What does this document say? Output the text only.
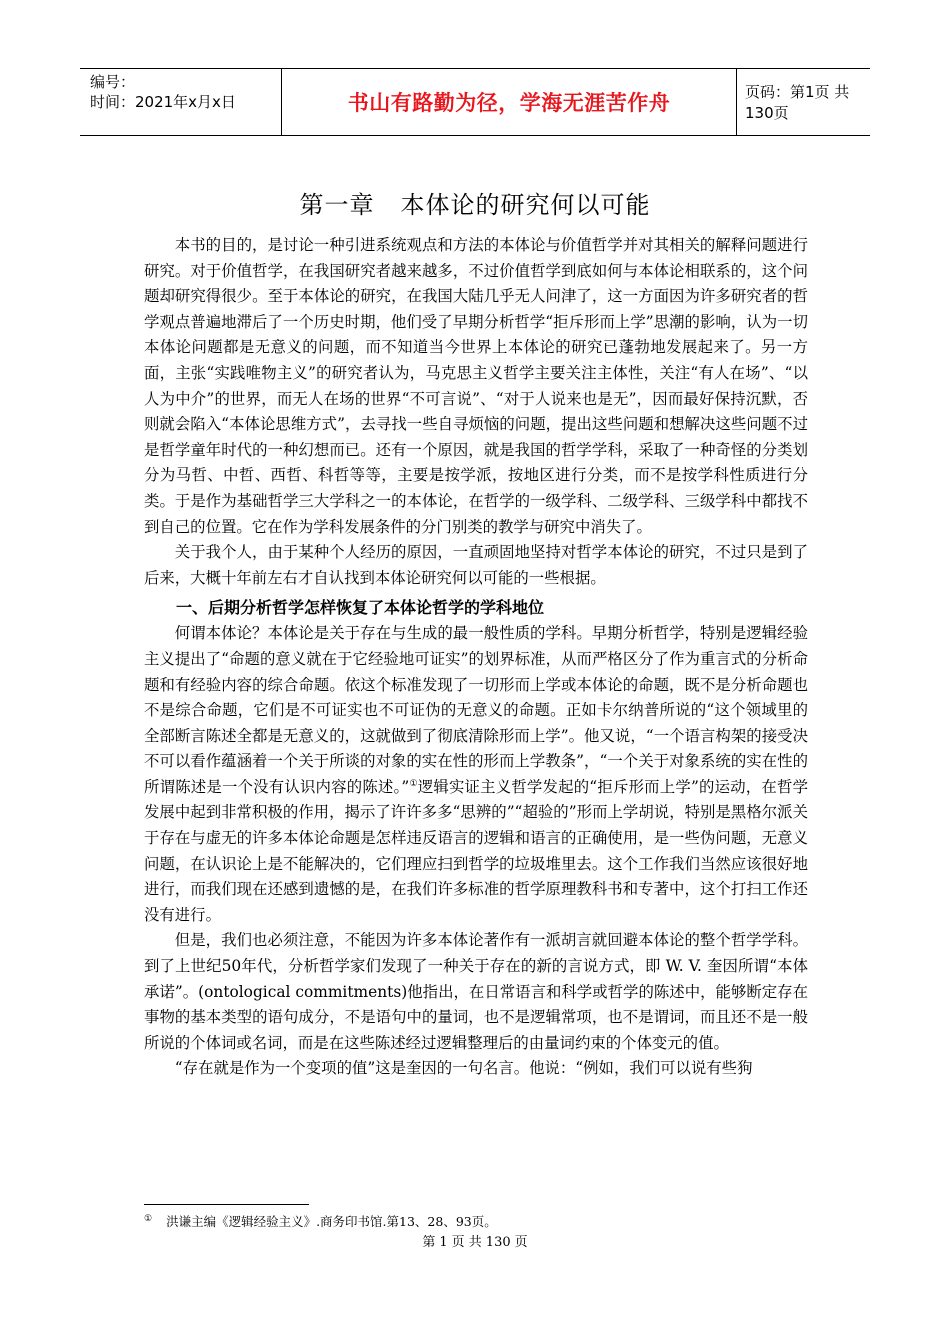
编号：
时间：2021年x月x日	书山有路勤为径，学海无涯苦作舟	页码：第1页 共130页
第一章 本体论的研究何以可能

本书的目的，是讨论一种引进系统观点和方法的本体论与价值哲学并对其相关的解释问题进行研究。对于价值哲学，在我国研究者越来越多，不过价值哲学到底如何与本体论相联系的，这个问题却研究得很少。至于本体论的研究，在我国大陆几乎无人问津了，这一方面因为许多研究者的哲学观点普遍地滞后了一个历史时期，他们受了早期分析哲学“拒斥形而上学”思潮的影响，认为一切本体论问题都是无意义的问题，而不知道当今世界上本体论的研究已蓬勃地发展起来了。另一方面，主张“实践唯物主义”的研究者认为，马克思主义哲学主要关注主体性，关注“有人在场”、“以人为中介”的世界，而无人在场的世界“不可言说”、“对于人说来也是无”，因而最好保持沉默，否则就会陷入“本体论思维方式”，去寻找一些自寻烦恼的问题，提出这些问题和想解决这些问题不过是哲学童年时代的一种幻想而已。还有一个原因，就是我国的哲学学科，采取了一种奇怪的分类划分为马哲、中哲、西哲、科哲等等，主要是按学派，按地区进行分类，而不是按学科性质进行分类。于是作为基础哲学三大学科之一的本体论，在哲学的一级学科、二级学科、三级学科中都找不到自己的位置。它在作为学科发展条件的分门别类的教学与研究中消失了。

关于我个人，由于某种个人经历的原因，一直顽固地坚持对哲学本体论的研究，不过只是到了后来，大概十年前左右才自认找到本体论研究何以可能的一些根据。

一、后期分析哲学怎样恢复了本体论哲学的学科地位

何谓本体论？本体论是关于存在与生成的最一般性质的学科。早期分析哲学，特别是逻辑经验主义提出了“命题的意义就在于它经验地可证实”的划界标准，从而严格区分了作为重言式的分析命题和有经验内容的综合命题。依这个标准发现了一切形而上学或本体论的命题，既不是分析命题也不是综合命题，它们是不可证实也不可证伪的无意义的命题。正如卡尔纳普所说的“这个领域里的全部断言陈述全都是无意义的，这就做到了彻底清除形而上学”。他又说，“一个语言构架的接受决不可以看作蕴涵着一个关于所谈的对象的实在性的形而上学教条”，“一个关于对象系统的实在性的所谓陈述是一个没有认识内容的陈述。”①逻辑实证主义哲学发起的“拒斥形而上学”的运动，在哲学发展中起到非常积极的作用，揭示了许许多多“思辨的”“超验的”形而上学胡说，特别是黑格尔派关于存在与虚无的许多本体论命题是怎样违反语言的逻辑和语言的正确使用，是一些伪问题，无意义问题，在认识论上是不能解决的，它们理应扫到哲学的垃圾堆里去。这个工作我们当然应该很好地进行，而我们现在还感到遗憾的是，在我们许多标准的哲学原理教科书和专著中，这个打扫工作还没有进行。

但是，我们也必须注意，不能因为许多本体论著作有一派胡言就回避本体论的整个哲学学科。到了上世纪50年代，分析哲学家们发现了一种关于存在的新的言说方式，即 W. V. 奎因所谓“本体承诺”。(ontological commitments)他指出，在日常语言和科学或哲学的陈述中，能够断定存在事物的基本类型的语句成分，不是语句中的量词，也不是逻辑常项，也不是谓词，而且还不是一般所说的个体词或名词，而是在这些陈述经过逻辑整理后的由量词约束的个体变元的值。

“存在就是作为一个变项的值”这是奎因的一句名言。他说：“例如，我们可以说有些狗

① 洪谦主编《逻辑经验主义》.商务印书馆.第13、28、93页。
第 1 页 共 130 页
